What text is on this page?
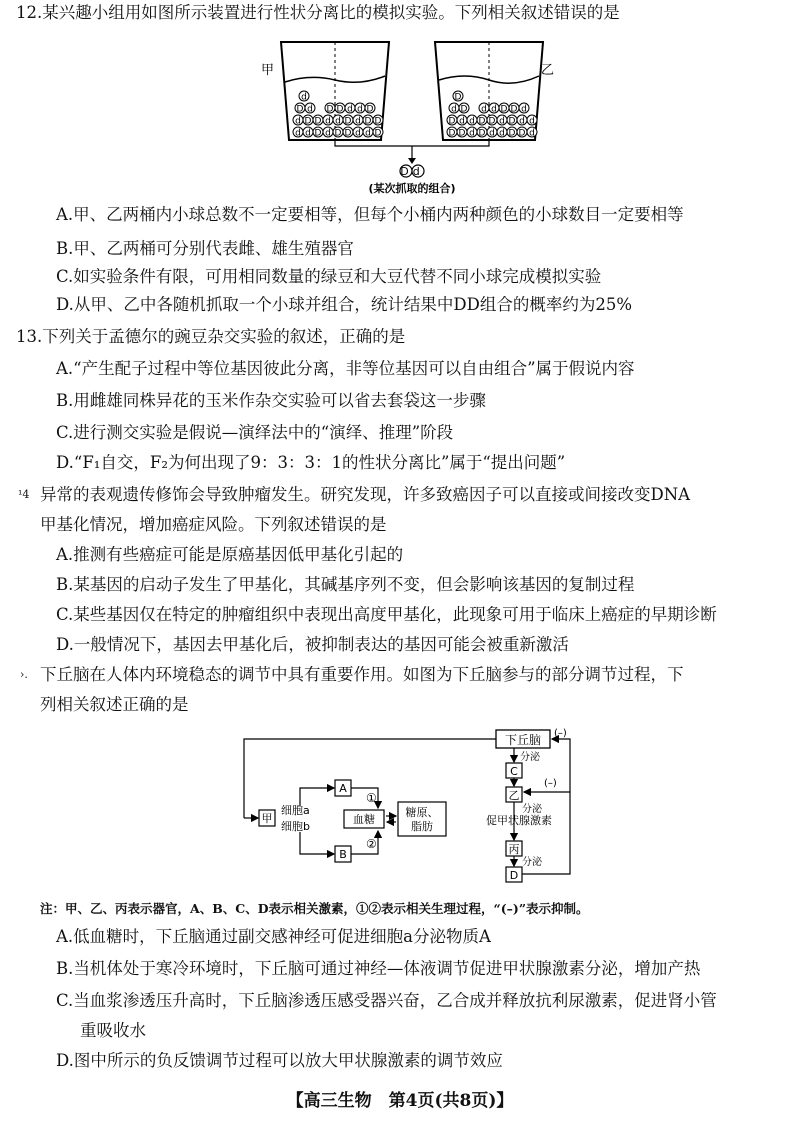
12.某兴趣小组用如图所示装置进行性状分离比的模拟实验。下列相关叙述错误的是
甲	乙
d
D d D D d d D
d D D d d D d D D
d d D d D D d d D
D
d D d d D D d
D d d D D d D d d
D D d D d d D D d
Dd
(某次抓取的组合)
A.甲、乙两桶内小球总数不一定要相等，但每个小桶内两种颜色的小球数目一定要相等
B.甲、乙两桶可分别代表雌、雄生殖器官
C.如实验条件有限，可用相同数量的绿豆和大豆代替不同小球完成模拟实验
D.从甲、乙中各随机抓取一个小球并组合，统计结果中DD组合的概率约为25%
13.下列关于孟德尔的豌豆杂交实验的叙述，正确的是
A.“产生配子过程中等位基因彼此分离，非等位基因可以自由组合”属于假说内容
B.用雌雄同株异花的玉米作杂交实验可以省去套袋这一步骤
C.进行测交实验是假说—演绎法中的“演绎、推理”阶段
D.“F₁自交，F₂为何出现了9：3：3：1的性状分离比”属于“提出问题”
¹4 异常的表观遗传修饰会导致肿瘤发生。研究发现，许多致癌因子可以直接或间接改变DNA
甲基化情况，增加癌症风险。下列叙述错误的是
A.推测有些癌症可能是原癌基因低甲基化引起的
B.某基因的启动子发生了甲基化，其碱基序列不变，但会影响该基因的复制过程
C.某些基因仅在特定的肿瘤组织中表现出高度甲基化，此现象可用于临床上癌症的早期诊断
D.一般情况下，基因去甲基化后，被抑制表达的基因可能会被重新激活
›. 下丘脑在人体内环境稳态的调节中具有重要作用。如图为下丘脑参与的部分调节过程，下
列相关叙述正确的是
下丘脑 (–)
分泌
C
乙
(–)
分泌
促甲状腺激素
丙
分泌
D
甲
细胞a
细胞b
A
B
血糖
糖原、
脂肪
①
②
注：甲、乙、丙表示器官，A、B、C、D表示相关激素，①②表示相关生理过程，“(–)”表示抑制。
A.低血糖时，下丘脑通过副交感神经可促进细胞a分泌物质A
B.当机体处于寒冷环境时，下丘脑可通过神经—体液调节促进甲状腺激素分泌，增加产热
C.当血浆渗透压升高时，下丘脑渗透压感受器兴奋，乙合成并释放抗利尿激素，促进肾小管
重吸收水
D.图中所示的负反馈调节过程可以放大甲状腺激素的调节效应
【高三生物　第4页(共8页)】
